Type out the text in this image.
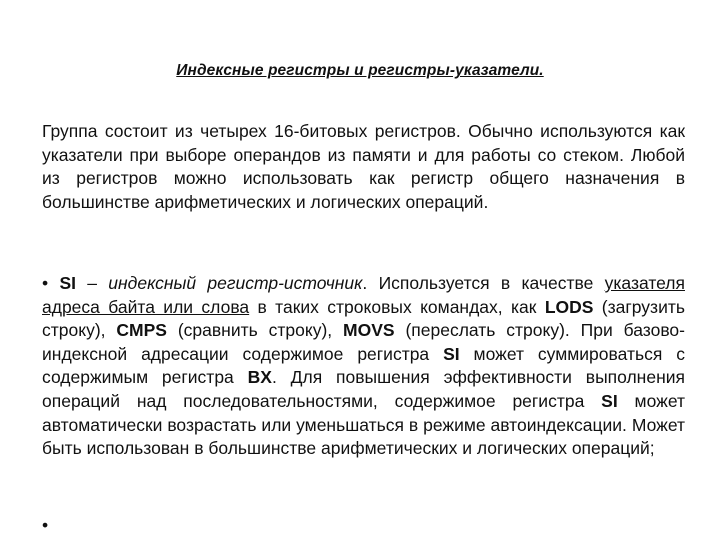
Индексные регистры и регистры-указатели.
Группа состоит из четырех 16-битовых регистров. Обычно используются как указатели при выборе операндов из памяти и для работы со стеком. Любой из регистров можно использовать как регистр общего назначения в большинстве арифметических и логических операций.
• SI – индексный регистр-источник. Используется в качестве указателя адреса байта или слова в таких строковых командах, как LODS (загрузить строку), CMPS (сравнить строку), MOVS (переслать строку). При базово-индексной адресации содержимое регистра SI может суммироваться с содержимым регистра BX. Для повышения эффективности выполнения операций над последовательностями, содержимое регистра SI может автоматически возрастать или уменьшаться в режиме автоиндексации. Может быть использован в большинстве арифметических и логических операций;
•
